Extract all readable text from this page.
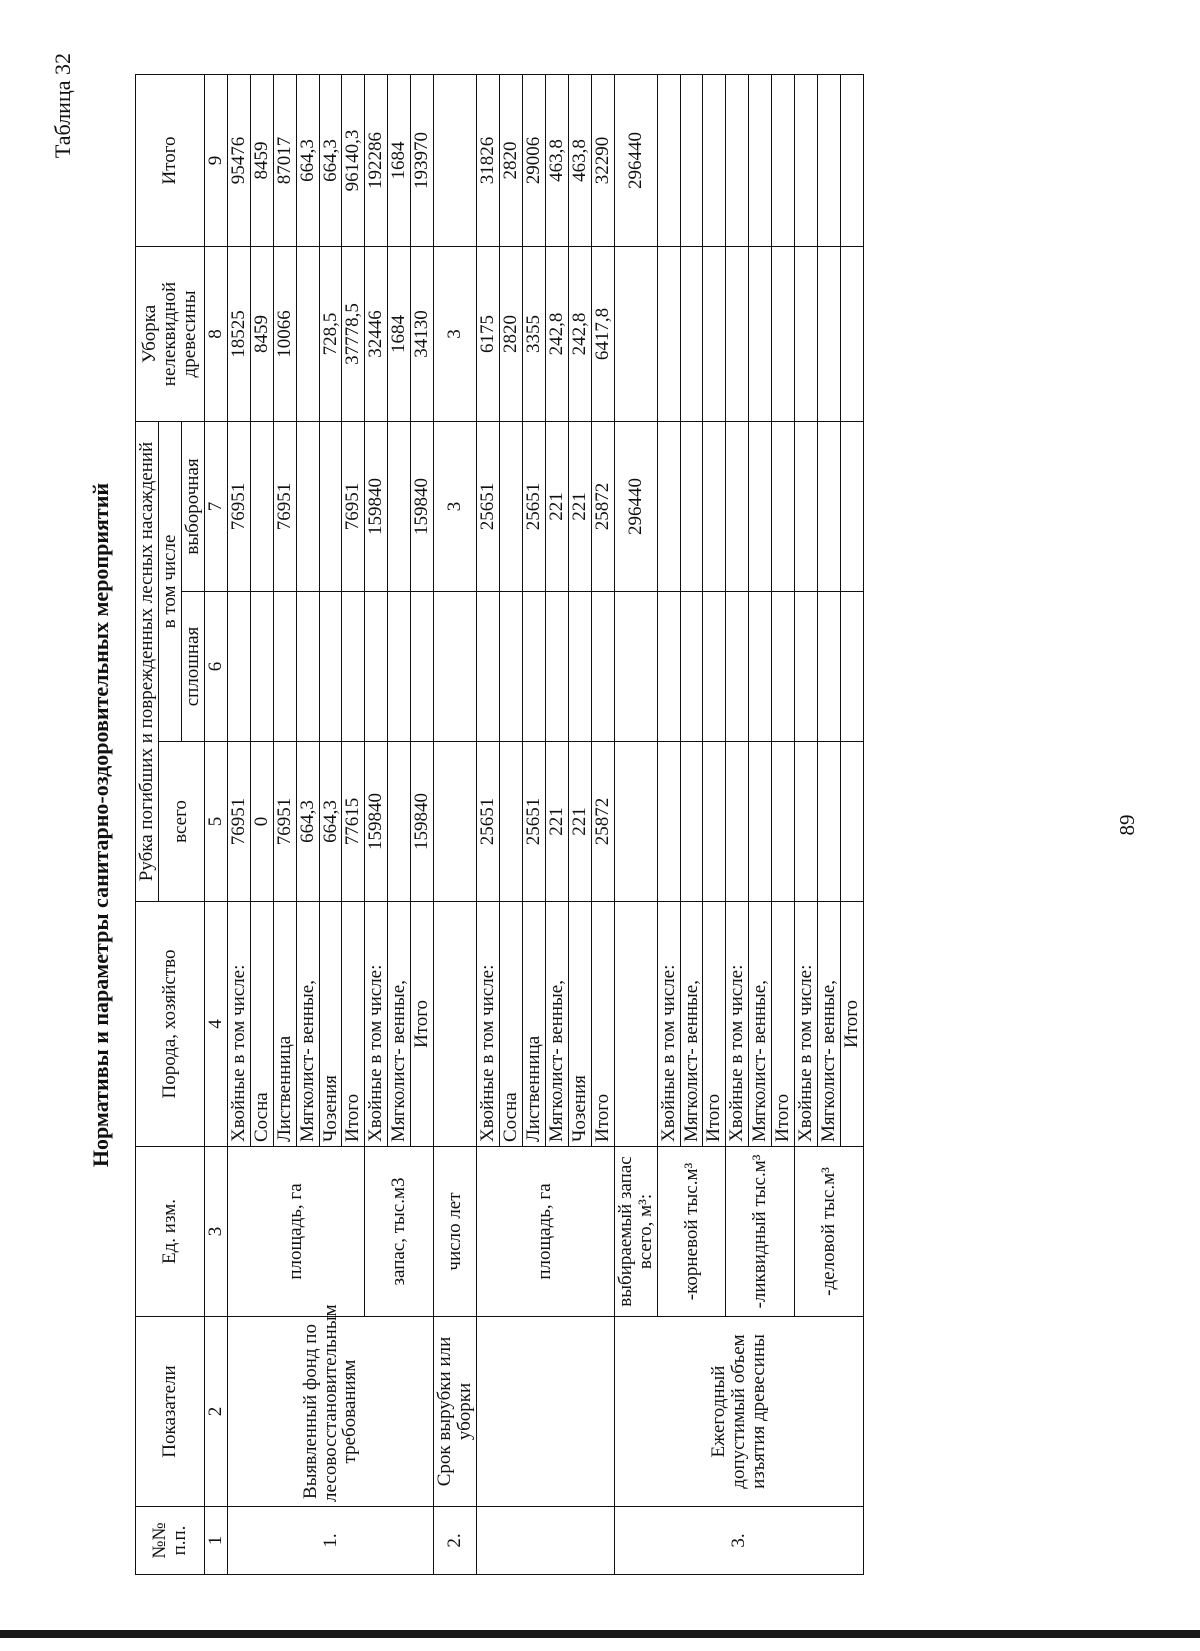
Таблица 32
Нормативы и параметры санитарно-оздоровительных мероприятий
№№ п.п.	Показатели	Ед. изм.	Порода, хозяйство	Рубка погибших и поврежденных лесных насаждений			Уборка нелеквидной древесины	Итого
				всего	в том числе			
					сплошная	выборочная		
1	2	3	4	5	6	7	8	9
1.	Выявленный фонд по лесовосстановительным требованиям	площадь, га	Хвойные в том числе:	76951		76951	18525	95476
			Сосна	0			8459	8459
			Лиственница	76951		76951	10066	87017
			Мягколист- венные,	664,3				664,3
			Чозения	664,3			728,5	664,3
			Итого	77615		76951	37778,5	96140,3
		запас, тыс.м3	Хвойные в том числе:	159840		159840	32446	192286
			Мягколист- венные,				1684	1684
			Итого	159840		159840	34130	193970
2.	Срок вырубки или уборки	число лет				3	3	
		площадь, га	Хвойные в том числе:	25651		25651	6175	31826
			Сосна				2820	2820
			Лиственница	25651		25651	3355	29006
			Мягколист- венные,	221		221	242,8	463,8
			Чозения	221		221	242,8	463,8
			Итого	25872		25872	6417,8	32290
3.	Ежегодный допустимый объем изъятия древесины	выбираемый запас всего, м³:				296440		296440
		-корневой тыс.м³	Хвойные в том числе:					
			Мягколист- венные,					
			Итого					
		-ликвидный тыс.м³	Хвойные в том числе:					
			Мягколист- венные,					
			Итого					
		-деловой тыс.м³	Хвойные в том числе:					
			Мягколист- венные,					
			Итого					
89
